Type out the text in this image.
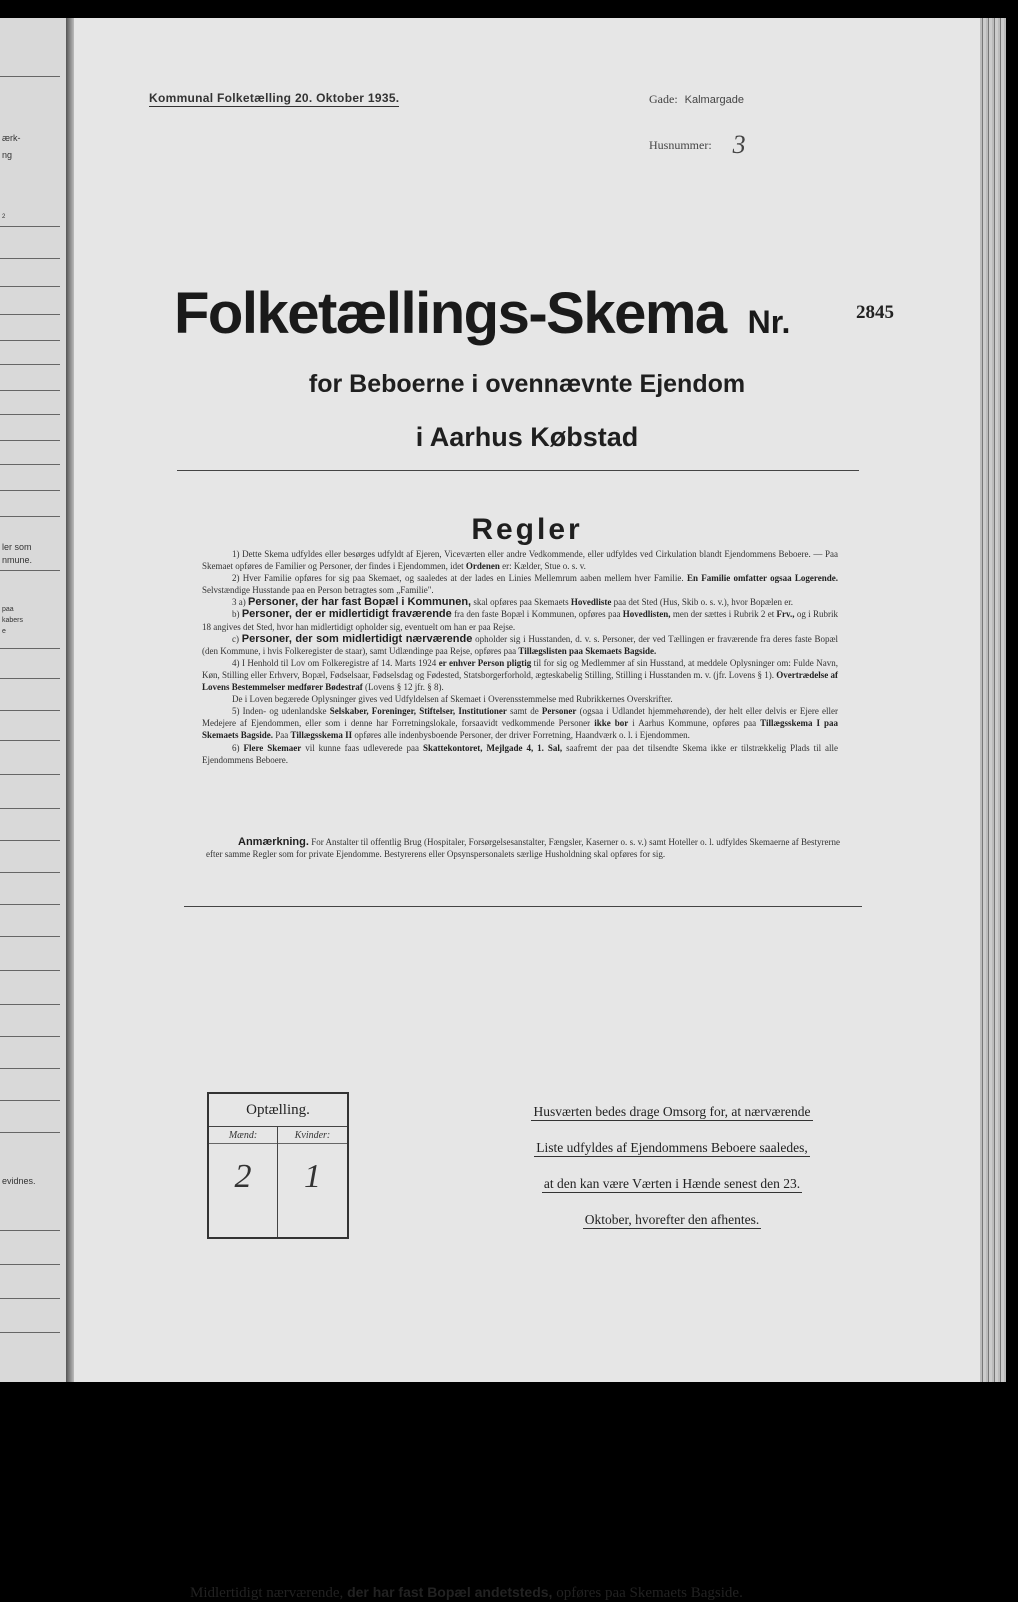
ærk-
ng
2
ler som
nmune.
paa
kabers
e
evidnes.
Kommunal Folketælling 20. Oktober 1935.	Gade: Kalmargade
Husnummer: 3
Folketællings-Skema Nr.	2845
for Beboerne i ovennævnte Ejendom
i Aarhus Købstad
Regler

1) Dette Skema udfyldes eller besørges udfyldt af Ejeren, Viceværten eller andre Vedkommende, eller udfyldes ved Cirkulation blandt Ejendommens Beboere. — Paa Skemaet opføres de Familier og Personer, der findes i Ejendommen, idet Ordenen er: Kælder, Stue o. s. v.

2) Hver Familie opføres for sig paa Skemaet, og saaledes at der lades en Linies Mellemrum aaben mellem hver Familie. En Familie omfatter ogsaa Logerende. Selvstændige Husstande paa en Person betragtes som „Familie".

3 a) Personer, der har fast Bopæl i Kommunen, skal opføres paa Skemaets Hovedliste paa det Sted (Hus, Skib o. s. v.), hvor Bopælen er.

b) Personer, der er midlertidigt fraværende fra den faste Bopæl i Kommunen, opføres paa Hovedlisten, men der sættes i Rubrik 2 et Frv., og i Rubrik 18 angives det Sted, hvor han midlertidigt opholder sig, eventuelt om han er paa Rejse.

c) Personer, der som midlertidigt nærværende opholder sig i Husstanden, d. v. s. Personer, der ved Tællingen er fraværende fra deres faste Bopæl (den Kommune, i hvis Folkeregister de staar), samt Udlændinge paa Rejse, opføres paa Tillægslisten paa Skemaets Bagside.

4) I Henhold til Lov om Folkeregistre af 14. Marts 1924 er enhver Person pligtig til for sig og Medlemmer af sin Husstand, at meddele Oplysninger om: Fulde Navn, Køn, Stilling eller Erhverv, Bopæl, Fødselsaar, Fødselsdag og Fødested, Statsborgerforhold, ægteskabelig Stilling, Stilling i Husstanden m. v. (jfr. Lovens § 1). Overtrædelse af Lovens Bestemmelser medfører Bødestraf (Lovens § 12 jfr. § 8).

De i Loven begærede Oplysninger gives ved Udfyldelsen af Skemaet i Overensstemmelse med Rubrikkernes Overskrifter.

5) Inden- og udenlandske Selskaber, Foreninger, Stiftelser, Institutioner samt de Personer (ogsaa i Udlandet hjemmehørende), der helt eller delvis er Ejere eller Medejere af Ejendommen, eller som i denne har Forretningslokale, forsaavidt vedkommende Personer ikke bor i Aarhus Kommune, opføres paa Tillægsskema I paa Skemaets Bagside. Paa Tillægsskema II opføres alle indenbysboende Personer, der driver Forretning, Haandværk o. l. i Ejendommen.

6) Flere Skemaer vil kunne faas udleverede paa Skattekontoret, Mejlgade 4, 1. Sal, saafremt der paa det tilsendte Skema ikke er tilstrækkelig Plads til alle Ejendommens Beboere.

Anmærkning. For Anstalter til offentlig Brug (Hospitaler, Forsørgelsesanstalter, Fængsler, Kaserner o. s. v.) samt Hoteller o. l. udfyldes Skemaerne af Bestyrerne efter samme Regler som for private Ejendomme. Bestyrerens eller Opsynspersonalets særlige Husholdning skal opføres for sig.

Optælling.
Mænd:
2
Kvinder:
1
Husværten bedes drage Omsorg for, at nærværende
Liste udfyldes af Ejendommens Beboere saaledes,
at den kan være Værten i Hænde senest den 23.
Oktober, hvorefter den afhentes.
Midlertidigt nærværende, der har fast Bopæl andetsteds, opføres paa Skemaets Bagside.
